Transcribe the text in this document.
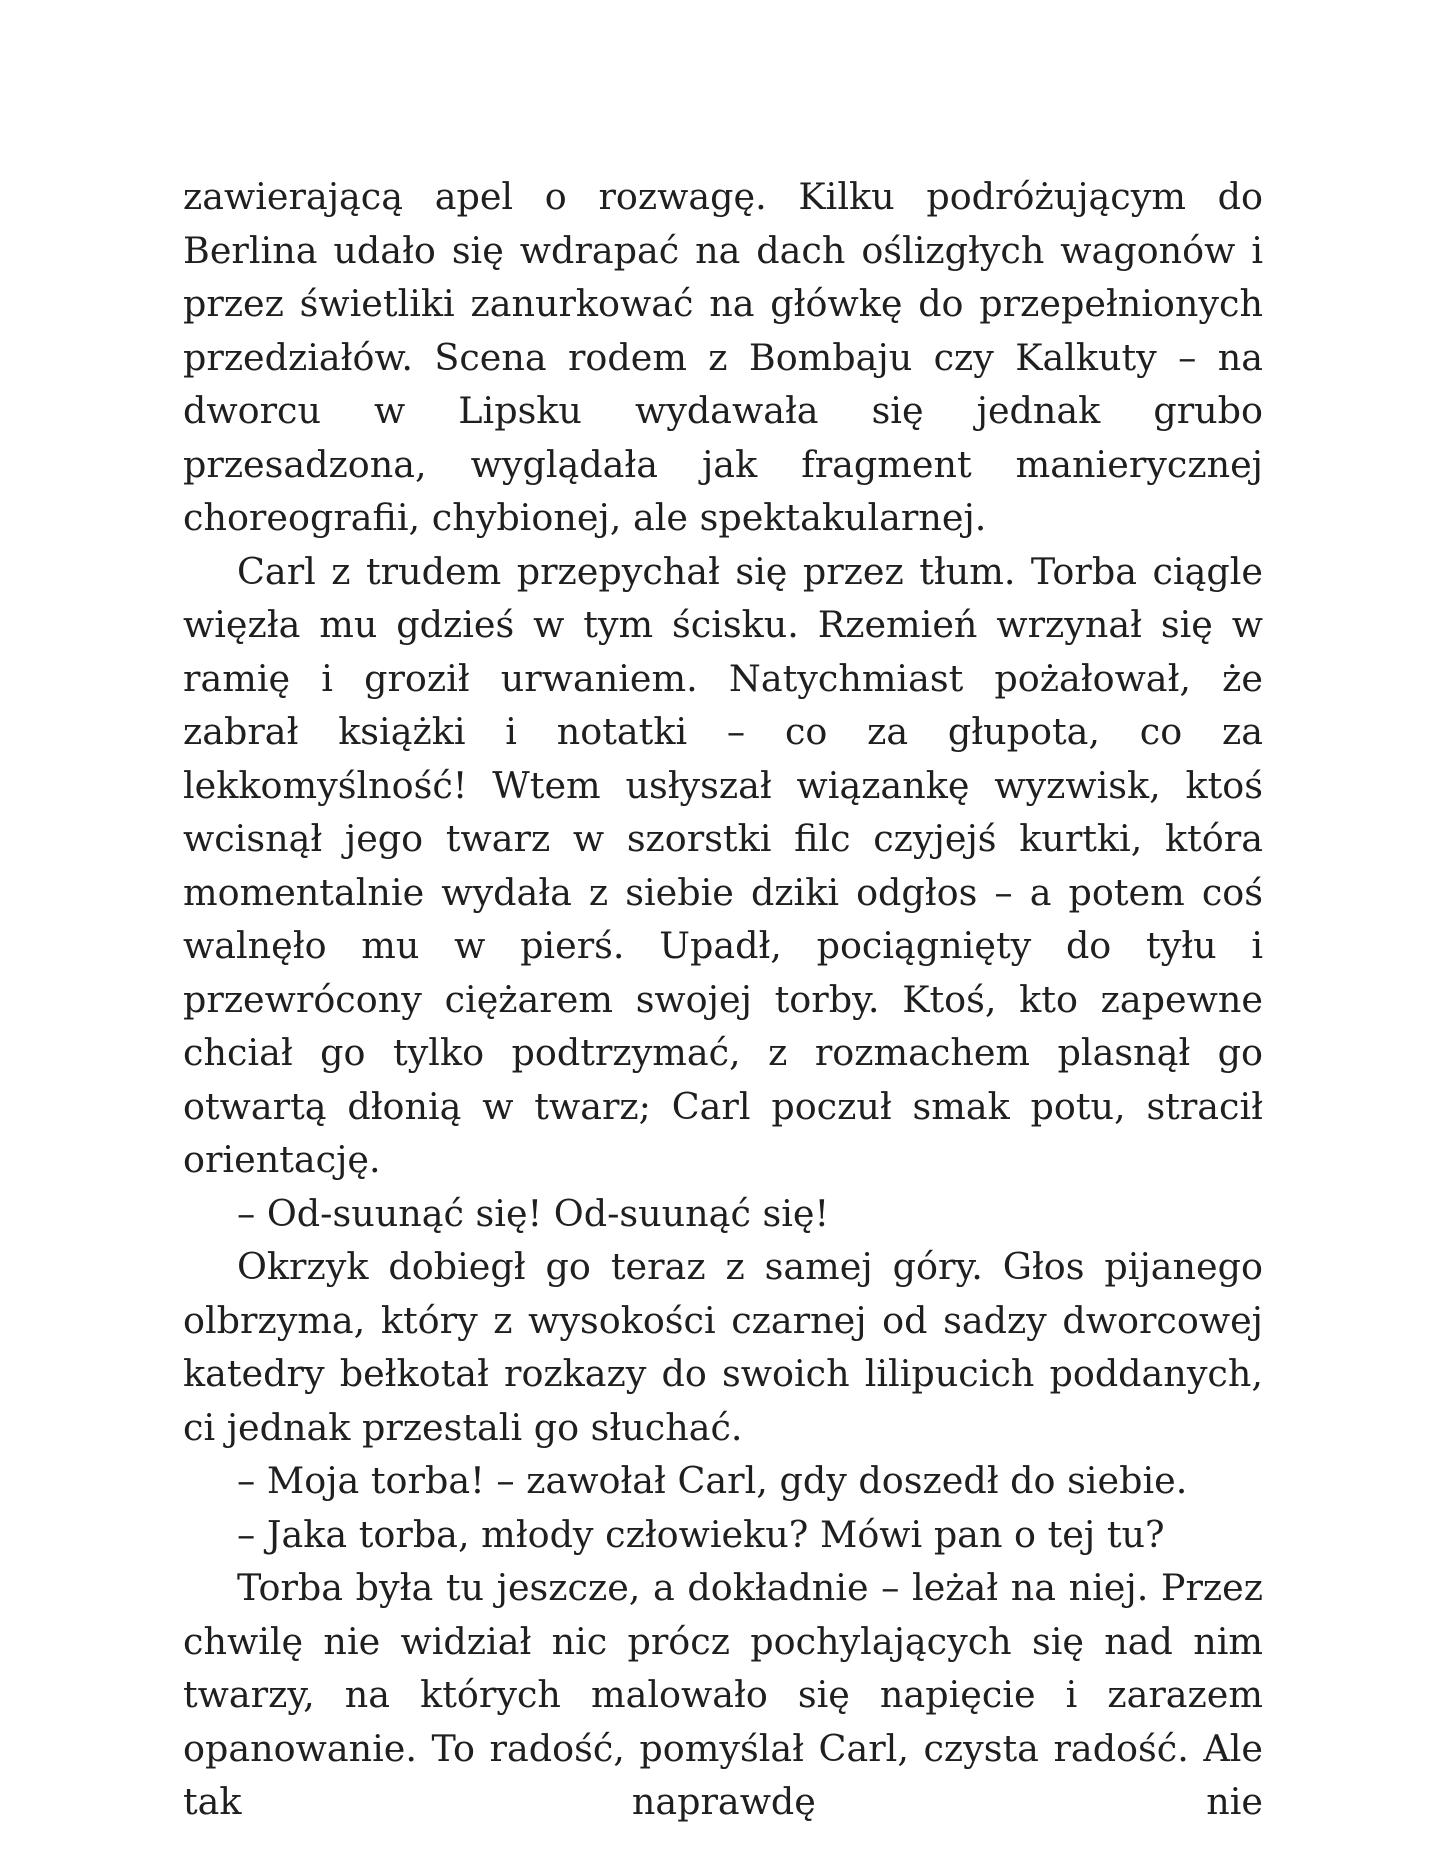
zawierającą apel o rozwagę. Kilku podróżującym do Berlina udało się wdrapać na dach oślizgłych wagonów i przez świetliki zanurkować na główkę do przepełnionych przedziałów. Scena rodem z Bombaju czy Kalkuty – na dworcu w Lipsku wydawała się jednak grubo przesadzona, wyglądała jak fragment manierycznej choreografii, chybionej, ale spektakularnej.

Carl z trudem przepychał się przez tłum. Torba ciągle więzła mu gdzieś w tym ścisku. Rzemień wrzynał się w ramię i groził urwaniem. Natychmiast pożałował, że zabrał książki i notatki – co za głupota, co za lekkomyślność! Wtem usłyszał wiązankę wyzwisk, ktoś wcisnął jego twarz w szorstki filc czyjejś kurtki, która momentalnie wydała z siebie dziki odgłos – a potem coś walnęło mu w pierś. Upadł, pociągnięty do tyłu i przewrócony ciężarem swojej torby. Ktoś, kto zapewne chciał go tylko podtrzymać, z rozmachem plasnął go otwartą dłonią w twarz; Carl poczuł smak potu, stracił orientację.

– Od-suunąć się! Od-suunąć się!

Okrzyk dobiegł go teraz z samej góry. Głos pijanego olbrzyma, który z wysokości czarnej od sadzy dworcowej katedry bełkotał rozkazy do swoich lilipucich poddanych, ci jednak przestali go słuchać.

– Moja torba! – zawołał Carl, gdy doszedł do siebie.

– Jaka torba, młody człowieku? Mówi pan o tej tu?

Torba była tu jeszcze, a dokładnie – leżał na niej. Przez chwilę nie widział nic prócz pochylających się nad nim twarzy, na których malowało się napięcie i zarazem opanowanie. To radość, pomyślał Carl, czysta radość. Ale tak naprawdę nie
